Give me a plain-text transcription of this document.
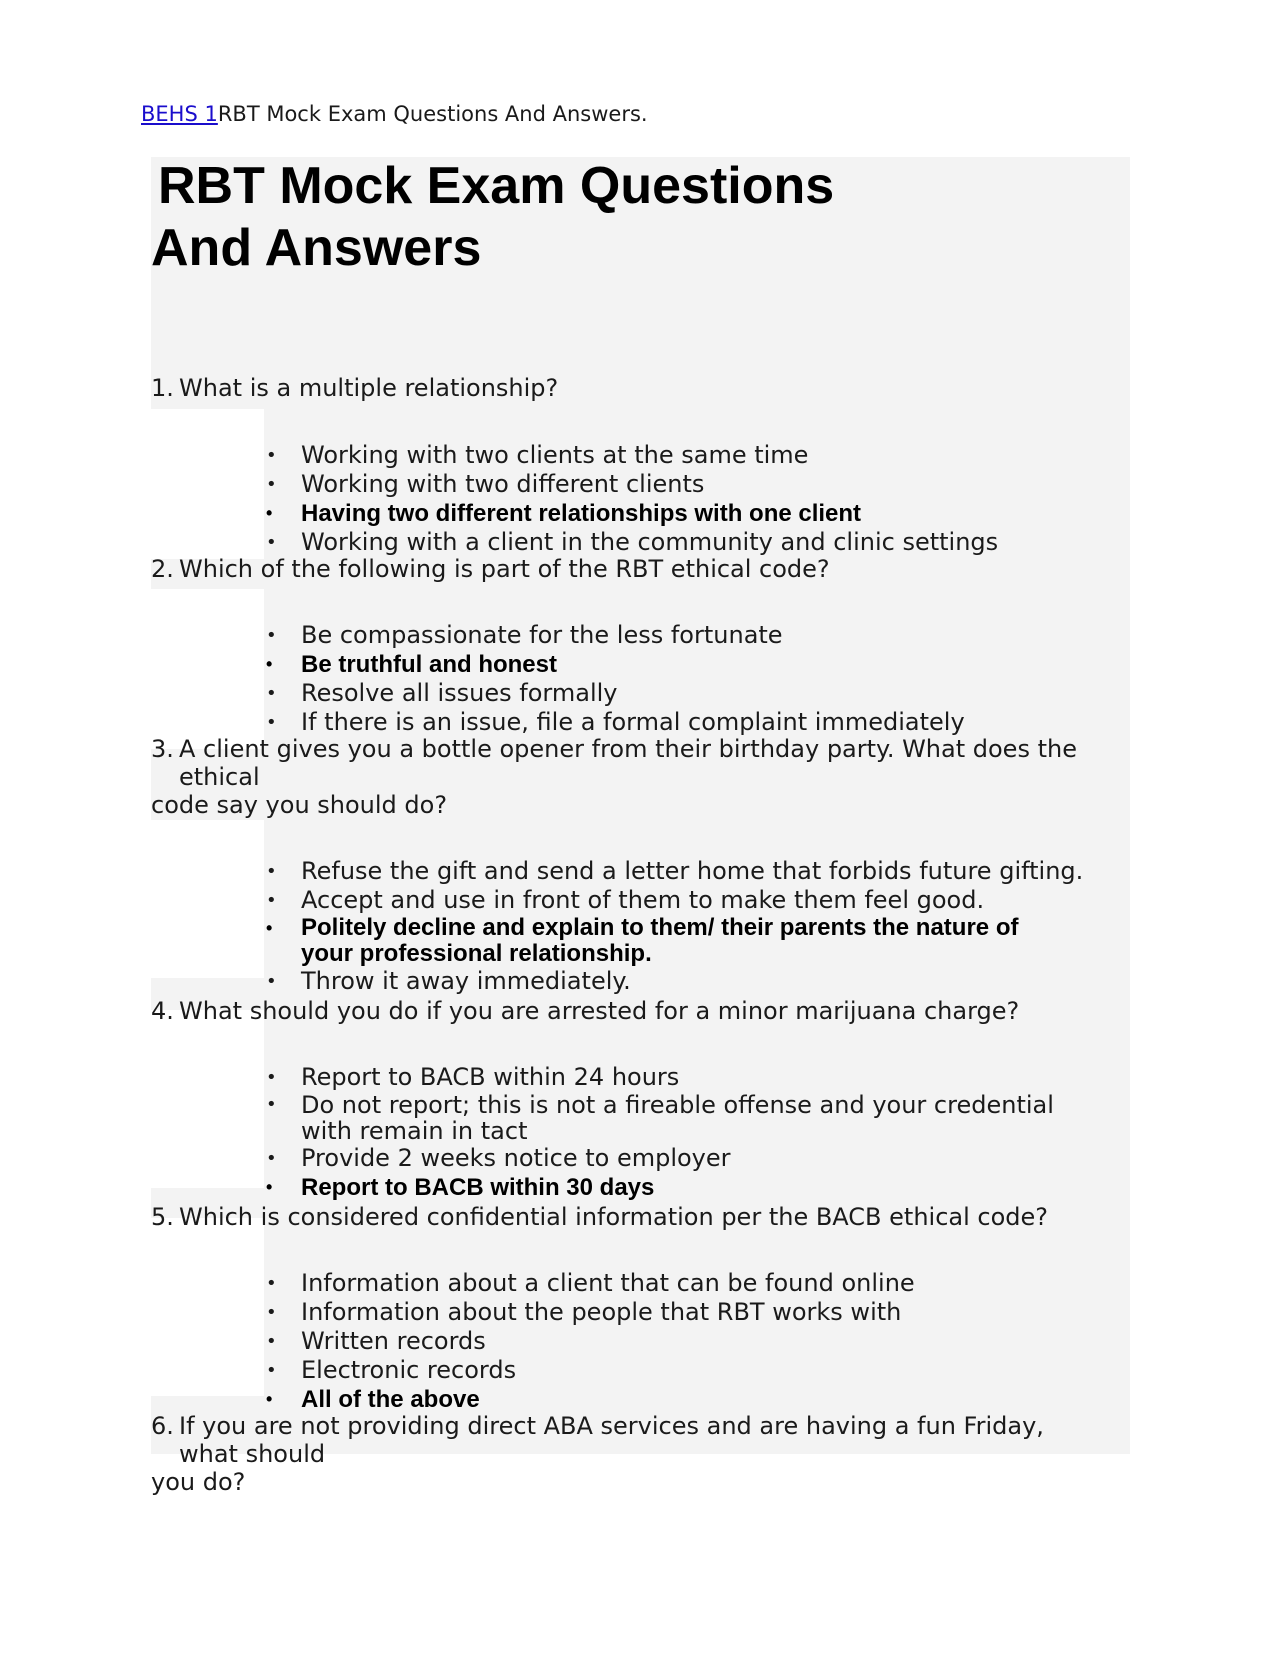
BEHS 1RBT Mock Exam Questions And Answers.
RBT Mock Exam Questions
And Answers
1. What is a multiple relationship?
• Working with two clients at the same time
• Working with two different clients
• Having two different relationships with one client
• Working with a client in the community and clinic settings
2. Which of the following is part of the RBT ethical code?
• Be compassionate for the less fortunate
• Be truthful and honest
• Resolve all issues formally
• If there is an issue, file a formal complaint immediately
3. A client gives you a bottle opener from their birthday party. What does the
ethical
code say you should do?
• Refuse the gift and send a letter home that forbids future gifting.
• Accept and use in front of them to make them feel good.
• Politely decline and explain to them/ their parents the nature of your professional relationship.
• Throw it away immediately.
4. What should you do if you are arrested for a minor marijuana charge?
• Report to BACB within 24 hours
• Do not report; this is not a fireable offense and your credential with remain in tact
• Provide 2 weeks notice to employer
• Report to BACB within 30 days
5. Which is considered confidential information per the BACB ethical code?
• Information about a client that can be found online
• Information about the people that RBT works with
• Written records
• Electronic records
• All of the above
6. If you are not providing direct ABA services and are having a fun Friday,
what should
you do?
